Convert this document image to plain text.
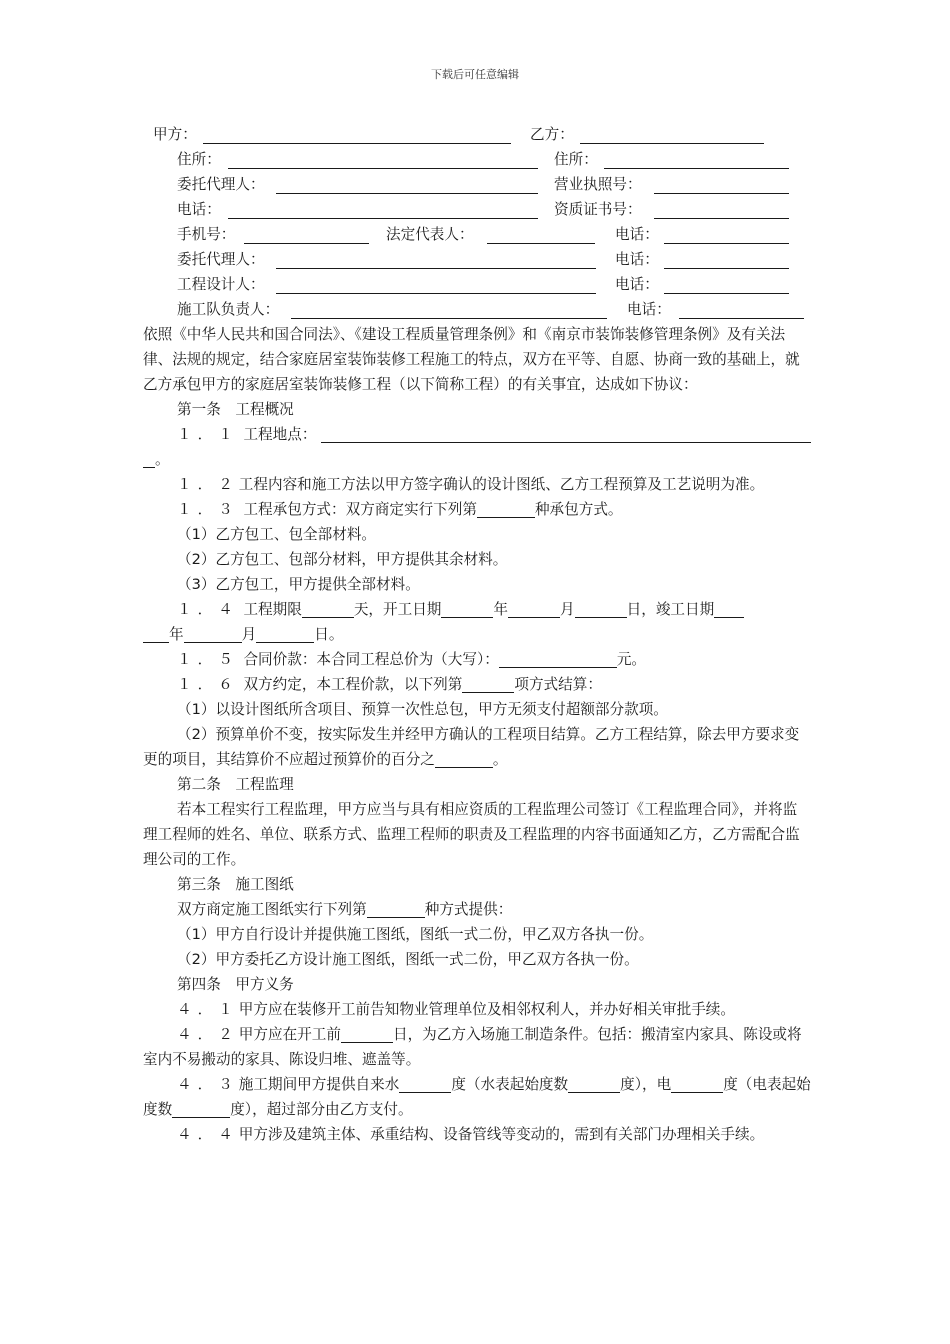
下载后可任意编辑
甲方：	乙方：
住所：	住所：
委托代理人：	营业执照号：
电话：	资质证书号：
手机号：	法定代表人：	电话：
委托代理人：	电话：
工程设计人：	电话：
施工队负责人：	电话：

依照《中华人民共和国合同法》、《建设工程质量管理条例》和《南京市装饰装修管理条例》及有关法律、法规的规定，结合家庭居室装饰装修工程施工的特点，双方在平等、自愿、协商一致的基础上，就乙方承包甲方的家庭居室装饰装修工程（以下简称工程）的有关事宜，达成如下协议：

第一条　工程概况

１．１ 工程地点：
。

１．２工程内容和施工方法以甲方签字确认的设计图纸、乙方工程预算及工艺说明为准。

１．３ 工程承包方式：双方商定实行下列第	种承包方式。

（1）乙方包工、包全部材料。

（2）乙方包工、包部分材料，甲方提供其余材料。

（3）乙方包工，甲方提供全部材料。

１．４ 工程期限	天，开工日期	年	月	日，竣工日期
年	月	日。
１．５ 合同价款：本合同工程总价为（大写）：	元。
１．６ 双方约定，本工程价款，以下列第	项方式结算：

（1）以设计图纸所含项目、预算一次性总包，甲方无须支付超额部分款项。

（2）预算单价不变，按实际发生并经甲方确认的工程项目结算。乙方工程结算，除去甲方要求变更的项目，其结算价不应超过预算价的百分之	。

第二条　工程监理

若本工程实行工程监理，甲方应当与具有相应资质的工程监理公司签订《工程监理合同》，并将监理工程师的姓名、单位、联系方式、监理工程师的职责及工程监理的内容书面通知乙方，乙方需配合监理公司的工作。

第三条　施工图纸

双方商定施工图纸实行下列第	种方式提供：

（1）甲方自行设计并提供施工图纸，图纸一式二份，甲乙双方各执一份。

（2）甲方委托乙方设计施工图纸，图纸一式二份，甲乙双方各执一份。

第四条　甲方义务

４．１甲方应在装修开工前告知物业管理单位及相邻权利人，并办好相关审批手续。

４．２甲方应在开工前	日，为乙方入场施工制造条件。包括：搬清室内家具、陈设或将室内不易搬动的家具、陈设归堆、遮盖等。

４．３施工期间甲方提供自来水	度（水表起始度数	度），电	度（电表起始度数	度），超过部分由乙方支付。

４．４甲方涉及建筑主体、承重结构、设备管线等变动的，需到有关部门办理相关手续。
